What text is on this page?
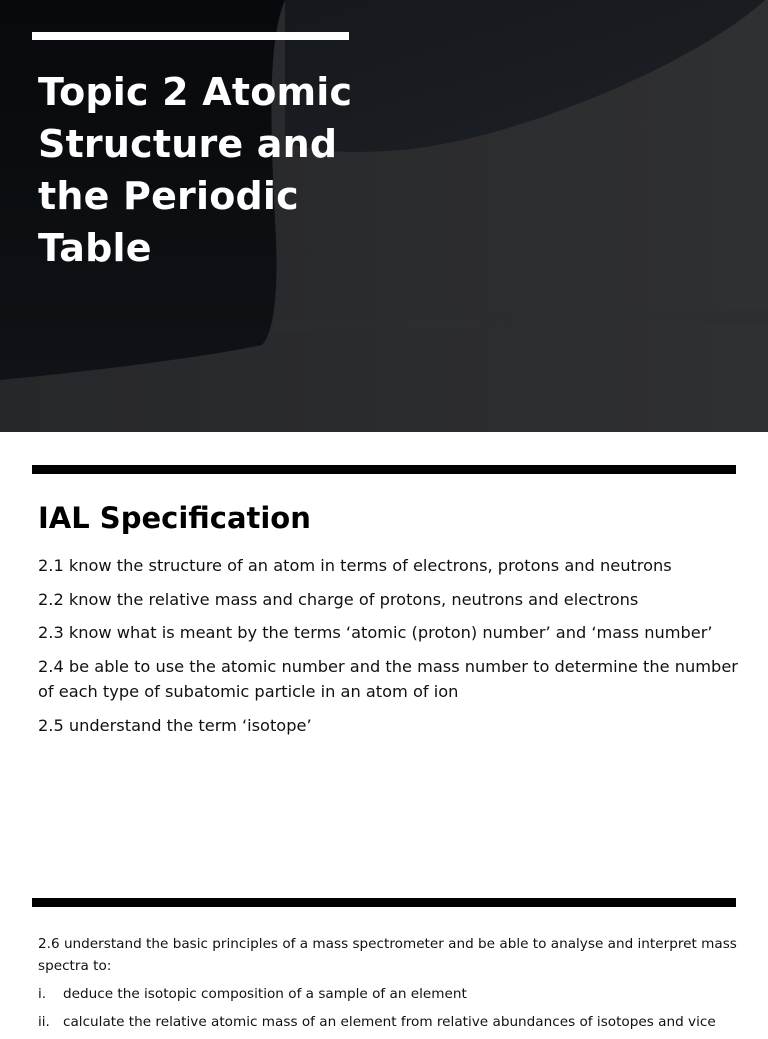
Topic 2 Atomic Structure and the Periodic Table
IAL Specification
2.1 know the structure of an atom in terms of electrons, protons and neutrons
2.2 know the relative mass and charge of protons, neutrons and electrons
2.3 know what is meant by the terms ‘atomic (proton) number’ and ‘mass number’
2.4 be able to use the atomic number and the mass number to determine the number of each type of subatomic particle in an atom of ion
2.5 understand the term ‘isotope’

2.6 understand the basic principles of a mass spectrometer and be able to analyse and interpret mass spectra to:

i.	deduce the isotopic composition of a sample of an element
ii. calculate the relative atomic mass of an element from relative abundances of isotopes and vice
